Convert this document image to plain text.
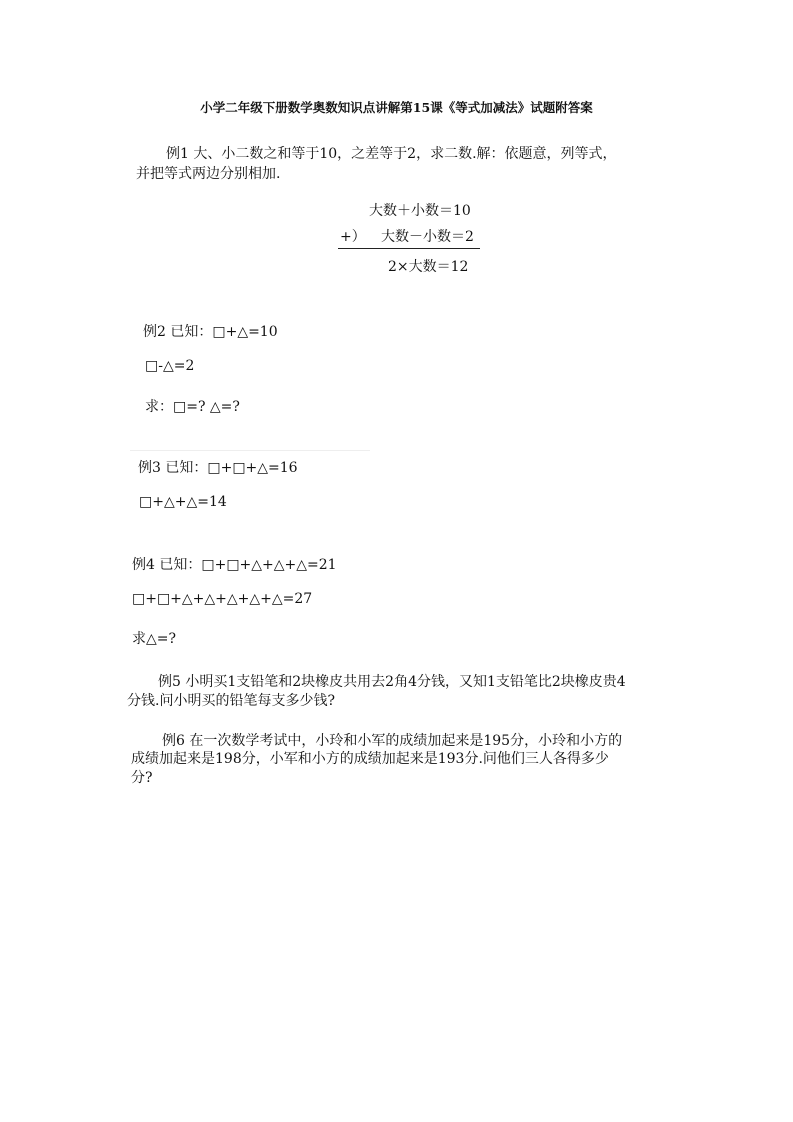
小学二年级下册数学奥数知识点讲解第15课《等式加减法》试题附答案
例1 大、小二数之和等于10，之差等于2，求二数.解：依题意，列等式，
并把等式两边分别相加.
大数＋小数＝10
+） 大数－小数＝2
2×大数＝12
例2 已知：□+△=10
□-△=2
求：□=? △=?
例3 已知：□+□+△=16
□+△+△=14
例4 已知：□+□+△+△+△=21
□+□+△+△+△+△+△=27
求△=?
例5 小明买1支铅笔和2块橡皮共用去2角4分钱，又知1支铅笔比2块橡皮贵4
分钱.问小明买的铅笔每支多少钱?
例6 在一次数学考试中，小玲和小军的成绩加起来是195分，小玲和小方的
成绩加起来是198分，小军和小方的成绩加起来是193分.问他们三人各得多少
分?
